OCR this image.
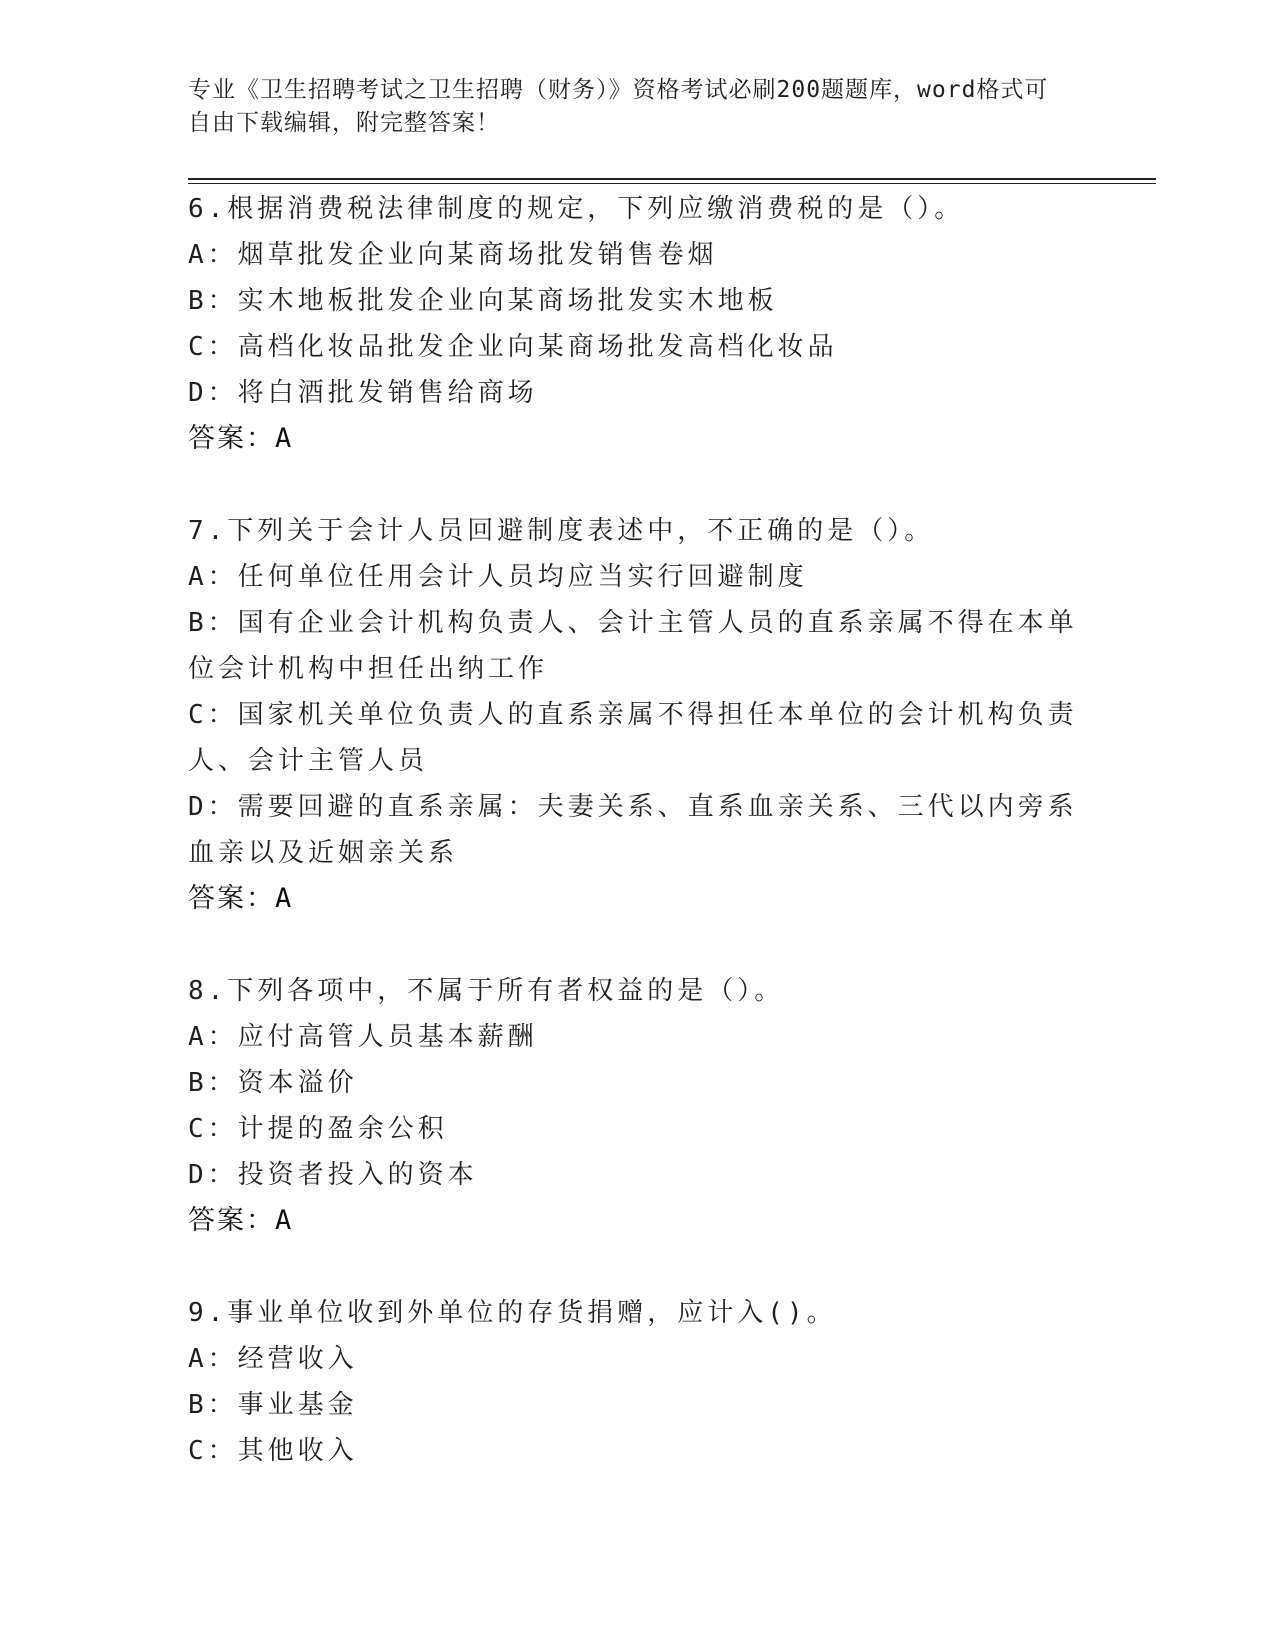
专业《卫生招聘考试之卫生招聘（财务）》资格考试必刷200题题库，word格式可自由下载编辑，附完整答案！
6.根据消费税法律制度的规定，下列应缴消费税的是（）。
A：烟草批发企业向某商场批发销售卷烟
B：实木地板批发企业向某商场批发实木地板
C：高档化妆品批发企业向某商场批发高档化妆品
D：将白酒批发销售给商场
答案：A
7.下列关于会计人员回避制度表述中，不正确的是（）。
A：任何单位任用会计人员均应当实行回避制度
B：国有企业会计机构负责人、会计主管人员的直系亲属不得在本单位会计机构中担任出纳工作
C：国家机关单位负责人的直系亲属不得担任本单位的会计机构负责人、会计主管人员
D：需要回避的直系亲属：夫妻关系、直系血亲关系、三代以内旁系血亲以及近姻亲关系
答案：A
8.下列各项中，不属于所有者权益的是（）。
A：应付高管人员基本薪酬
B：资本溢价
C：计提的盈余公积
D：投资者投入的资本
答案：A
9.事业单位收到外单位的存货捐赠，应计入()。
A：经营收入
B：事业基金
C：其他收入
